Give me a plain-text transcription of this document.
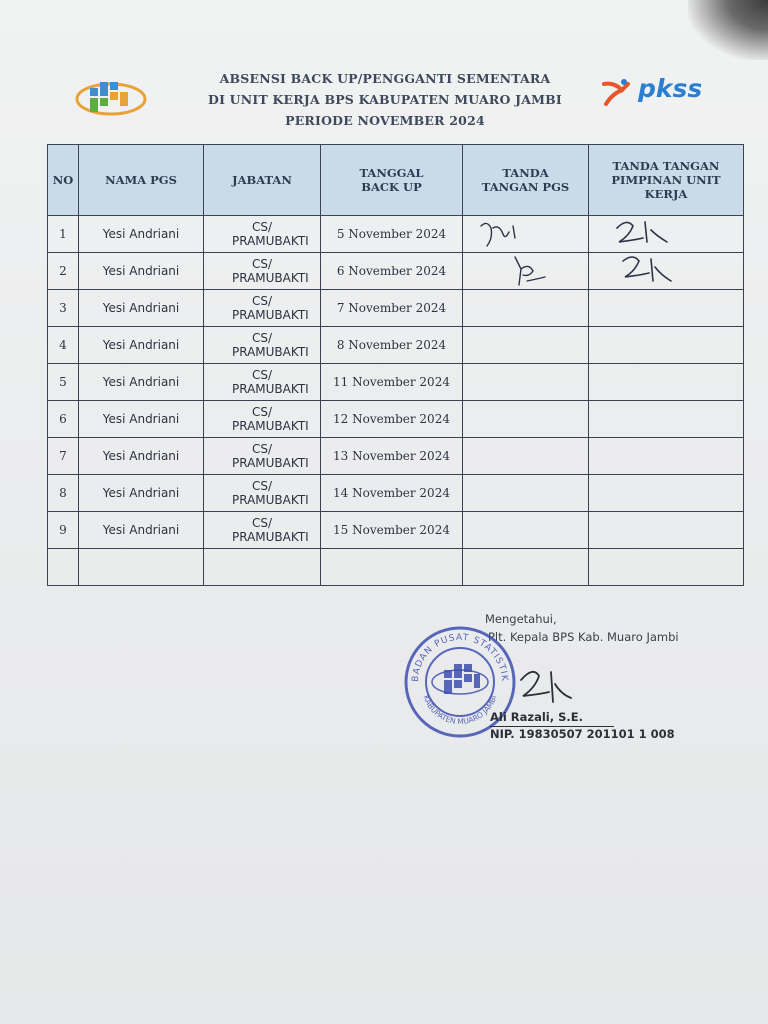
ABSENSI BACK UP/PENGGANTI SEMENTARA
DI UNIT KERJA BPS KABUPATEN MUARO JAMBI
PERIODE NOVEMBER 2024
pkss
NO	NAMA PGS	JABATAN	TANGGAL BACK UP	TANDA TANGAN PGS	TANDA TANGAN PIMPINAN UNIT KERJA
1	Yesi Andriani	CS/ PRAMUBAKTI	5 November 2024	

2	Yesi Andriani	CS/ PRAMUBAKTI	6 November 2024	

3	Yesi Andriani	CS/ PRAMUBAKTI	7 November 2024		
4	Yesi Andriani	CS/ PRAMUBAKTI	8 November 2024		
5	Yesi Andriani	CS/ PRAMUBAKTI	11 November 2024		
6	Yesi Andriani	CS/ PRAMUBAKTI	12 November 2024		
7	Yesi Andriani	CS/ PRAMUBAKTI	13 November 2024		
8	Yesi Andriani	CS/ PRAMUBAKTI	14 November 2024		
9	Yesi Andriani	CS/ PRAMUBAKTI	15 November 2024		

Mengetahui,
Plt. Kepala BPS Kab. Muaro Jambi
BADAN PUSAT STATISTIK
KABUPATEN MUARO JAMBI
Ali Razali, S.E.
NIP. 19830507 201101 1 008
